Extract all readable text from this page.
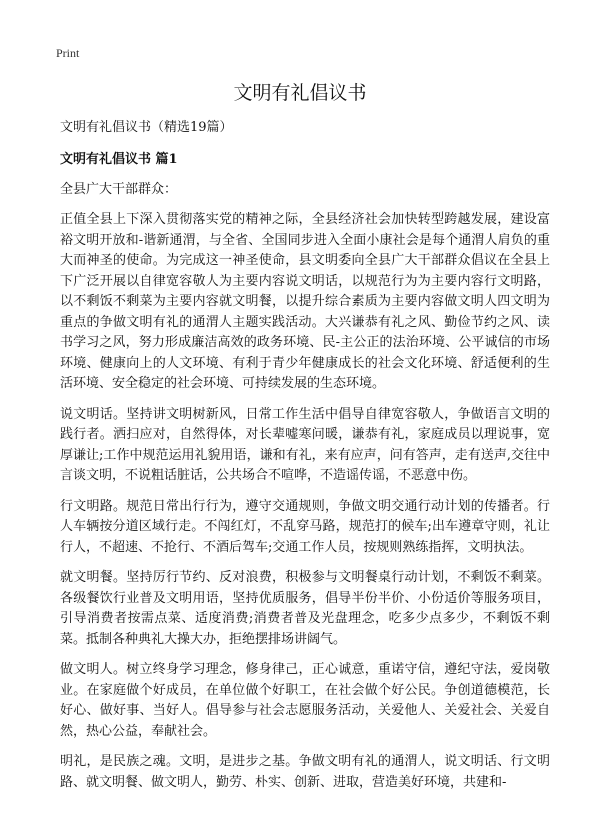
Print
文明有礼倡议书

文明有礼倡议书（精选19篇）

文明有礼倡议书 篇1

全县广大干部群众：

正值全县上下深入贯彻落实党的精神之际，全县经济社会加快转型跨越发展，建设富裕文明开放和-谐新通渭，与全省、全国同步进入全面小康社会是每个通渭人肩负的重大而神圣的使命。为完成这一神圣使命，县文明委向全县广大干部群众倡议在全县上下广泛开展以自律宽容敬人为主要内容说文明话，以规范行为为主要内容行文明路，以不剩饭不剩菜为主要内容就文明餐，以提升综合素质为主要内容做文明人四文明为重点的争做文明有礼的通渭人主题实践活动。大兴谦恭有礼之风、勤俭节约之风、读书学习之风，努力形成廉洁高效的政务环境、民-主公正的法治环境、公平诚信的市场环境、健康向上的人文环境、有利于青少年健康成长的社会文化环境、舒适便利的生活环境、安全稳定的社会环境、可持续发展的生态环境。

说文明话。坚持讲文明树新风，日常工作生活中倡导自律宽容敬人，争做语言文明的践行者。洒扫应对，自然得体，对长辈嘘寒问暖，谦恭有礼，家庭成员以理说事，宽厚谦让;工作中规范运用礼貌用语，谦和有礼，来有应声，问有答声，走有送声,交往中言谈文明，不说粗话脏话，公共场合不喧哗，不造谣传谣，不恶意中伤。

行文明路。规范日常出行行为，遵守交通规则，争做文明交通行动计划的传播者。行人车辆按分道区域行走。不闯红灯，不乱穿马路，规范打的候车;出车遵章守则，礼让行人，不超速、不抢行、不酒后驾车;交通工作人员，按规则熟练指挥，文明执法。

就文明餐。坚持厉行节约、反对浪费，积极参与文明餐桌行动计划，不剩饭不剩菜。各级餐饮行业普及文明用语，坚持优质服务，倡导半份半价、小份适价等服务项目，引导消费者按需点菜、适度消费;消费者普及光盘理念，吃多少点多少，不剩饭不剩菜。抵制各种典礼大操大办，拒绝摆排场讲阔气。

做文明人。树立终身学习理念，修身律己，正心诚意，重诺守信，遵纪守法，爱岗敬业。在家庭做个好成员，在单位做个好职工，在社会做个好公民。争创道德模范，长好心、做好事、当好人。倡导参与社会志愿服务活动，关爱他人、关爱社会、关爱自然，热心公益，奉献社会。

明礼，是民族之魂。文明，是进步之基。争做文明有礼的通渭人，说文明话、行文明路、就文明餐、做文明人，勤劳、朴实、创新、进取，营造美好环境，共建和-
